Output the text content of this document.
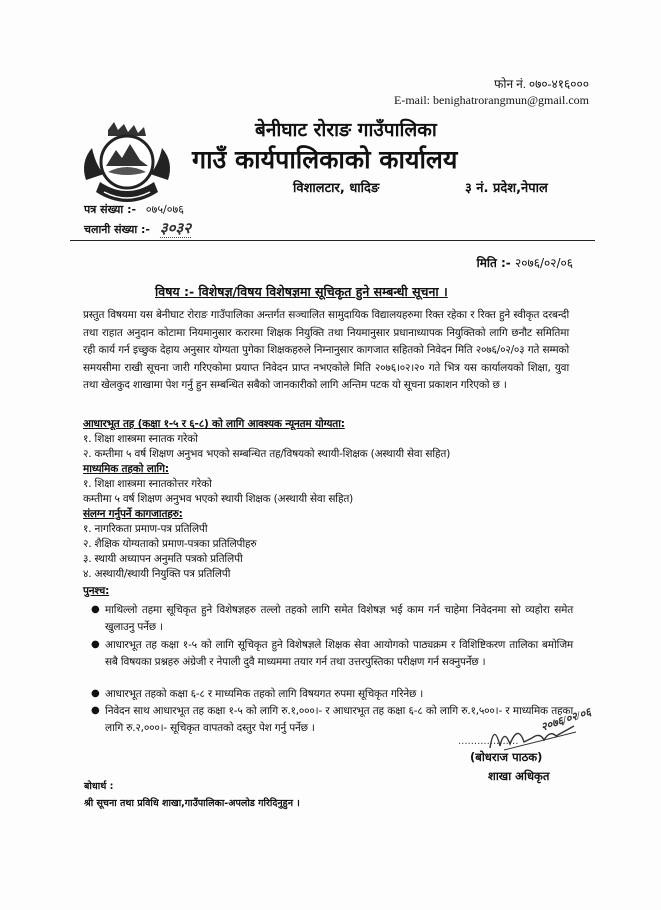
फोन नं. ०७०-४१६०००
E-mail: benighatrorangmun@gmail.com
बेनीघाट रोराङ गाउँपालिका
गाउँ कार्यपालिकाको कार्यालय
विशालटार, धादिङ	३ नं. प्रदेश,नेपाल
पत्र संख्या :- ०७५/०७६
चलानी संख्या :- ३०३२
मिति :- २०७६/०२/०६
विषय :- विशेषज्ञ/विषय विशेषज्ञमा सूचिकृत हुने सम्बन्धी सूचना ।
प्रस्तुत विषयमा यस बेनीघाट रोराङ गाउँपालिका अन्तर्गत सञ्चालित सामुदायिक विद्यालयहरुमा रिक्त रहेका र रिक्त हुने स्वीकृत दरबन्दी तथा राहात अनुदान कोटामा नियमानुसार करारमा शिक्षक नियुक्ति तथा नियमानुसार प्रधानाध्यापक नियुक्तिको लागि छनौट समितिमा रही कार्य गर्न इच्छुक देहाय अनुसार योग्यता पुगेका शिक्षकहरुले निम्नानुसार कागजात सहितको निवेदन मिति २०७६/०२/०३ गते सम्मको समयसीमा राखी सूचना जारी गरिएकोमा प्रयाप्त निवेदन प्राप्त नभएकोले मिति २०७६।०२।२० गते भित्र यस कार्यालयको शिक्षा, युवा तथा खेलकुद शाखामा पेश गर्नु हुन सम्बन्धित सबैको जानकारीको लागि अन्तिम पटक यो सूचना प्रकाशन गरिएको छ ।
आधारभूत तह (कक्षा १-५ र ६-८) को लागि आवश्यक न्यूनतम योग्यता:
१. शिक्षा शास्त्रमा स्नातक गरेको
२. कम्तीमा ५ वर्ष शिक्षण अनुभव भएको सम्बन्धित तह/विषयको स्थायी-शिक्षक (अस्थायी सेवा सहित)
माध्यमिक तहको लागि:
१. शिक्षा शास्त्रमा स्नातकोत्तर गरेको
कम्तीमा ५ वर्ष शिक्षण अनुभव भएको स्थायी शिक्षक (अस्थायी सेवा सहित)
संलग्न गर्नुपर्ने कागजातहरु:
१. नागरिकता प्रमाण-पत्र प्रतिलिपी
२. शैक्षिक योग्यताको प्रमाण-पत्रका प्रतिलिपीहरु
३. स्थायी अध्यापन अनुमति पत्रको प्रतिलिपी
४. अस्थायी/स्थायी नियुक्ति पत्र प्रतिलिपी
पुनश्च:
● माथिल्लो तहमा सूचिकृत हुने विशेषज्ञहरु तल्लो तहको लागि समेत विशेषज्ञ भई काम गर्न चाहेमा निवेदनमा सो व्यहोरा समेत खुलाउनु पर्नेछ ।
● आधारभूत तह कक्षा १-५ को लागि सूचिकृत हुने विशेषज्ञले शिक्षक सेवा आयोगको पाठ्यक्रम र विशिष्टिकरण तालिका बमोजिम सबै विषयका प्रश्नहरु अंग्रेजी र नेपाली दुवै माध्यममा तयार गर्न तथा उत्तरपुस्तिका परीक्षण गर्न सक्नुपर्नेछ ।
● आधारभूत तहको कक्षा ६-८ र माध्यमिक तहको लागि विषयगत रुपमा सूचिकृत गरिनेछ ।
● निवेदन साथ आधारभूत तह कक्षा १-५ को लागि रु.१,०००।- र आधारभूत तह कक्षा ६-८ को लागि रु.१,५००।- र माध्यमिक तहका लागि रु.२,०००।- सूचिकृत वापतको दस्तुर पेश गर्नु पर्नेछ ।	२०७६/०२/०६
...................
(बोधराज पाठक)
शाखा अधिकृत
बोधार्थ :
श्री सूचना तथा प्रविधि शाखा,गाउँपालिका-अपलोड गरिदिनुहुन ।
